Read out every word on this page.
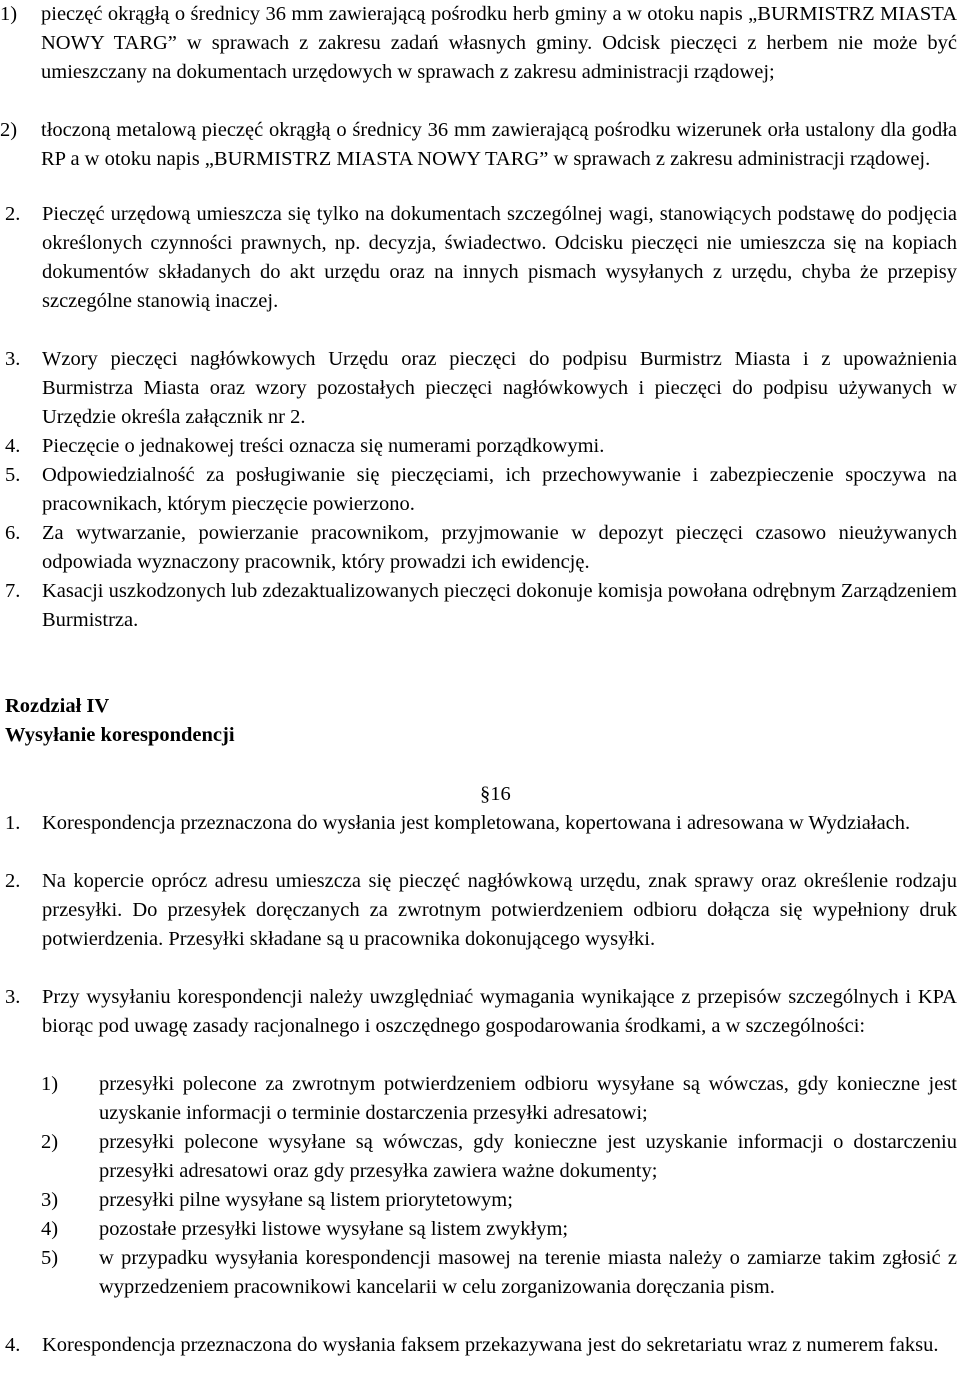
1)	pieczęć okrągłą o średnicy 36 mm zawierającą pośrodku herb gminy a w otoku napis „BURMISTRZ MIASTA NOWY TARG” w sprawach z zakresu zadań własnych gminy. Odcisk pieczęci z herbem nie może być umieszczany na dokumentach urzędowych w sprawach z zakresu administracji rządowej;
2)	tłoczoną metalową pieczęć okrągłą o średnicy 36 mm zawierającą pośrodku wizerunek orła ustalony dla godła RP a w otoku napis „BURMISTRZ MIASTA NOWY TARG” w sprawach z zakresu administracji rządowej.
2.	Pieczęć urzędową umieszcza się tylko na dokumentach szczególnej wagi, stanowiących podstawę do podjęcia określonych czynności prawnych, np. decyzja, świadectwo. Odcisku pieczęci nie umieszcza się na kopiach dokumentów składanych do akt urzędu oraz na innych pismach wysyłanych z urzędu, chyba że przepisy szczególne stanowią inaczej.
3.	Wzory pieczęci nagłówkowych Urzędu oraz pieczęci do podpisu Burmistrz Miasta i z upoważnienia Burmistrza Miasta oraz wzory pozostałych pieczęci nagłówkowych i pieczęci do podpisu używanych w Urzędzie określa załącznik nr 2.
4.	Pieczęcie o jednakowej treści oznacza się numerami porządkowymi.
5.	Odpowiedzialność za posługiwanie się pieczęciami, ich przechowywanie i zabezpieczenie spoczywa na pracownikach, którym pieczęcie powierzono.
6.	Za wytwarzanie, powierzanie pracownikom, przyjmowanie w depozyt pieczęci czasowo nieużywanych odpowiada wyznaczony pracownik, który prowadzi ich ewidencję.
7.	Kasacji uszkodzonych lub zdezaktualizowanych pieczęci dokonuje komisja powołana odrębnym Zarządzeniem Burmistrza.
Rozdział IV
Wysyłanie korespondencji
§16
1.	Korespondencja przeznaczona do wysłania jest kompletowana, kopertowana i adresowana w Wydziałach.
2.	Na kopercie oprócz adresu umieszcza się pieczęć nagłówkową urzędu, znak sprawy oraz określenie rodzaju przesyłki. Do przesyłek doręczanych za zwrotnym potwierdzeniem odbioru dołącza się wypełniony druk potwierdzenia. Przesyłki składane są u pracownika dokonującego wysyłki.
3.	Przy wysyłaniu korespondencji należy uwzględniać wymagania wynikające z przepisów szczególnych i KPA biorąc pod uwagę zasady racjonalnego i oszczędnego gospodarowania środkami, a w szczególności:
1)	przesyłki polecone za zwrotnym potwierdzeniem odbioru wysyłane są wówczas, gdy konieczne jest uzyskanie informacji o terminie dostarczenia przesyłki adresatowi;
2)	przesyłki polecone wysyłane są wówczas, gdy konieczne jest uzyskanie informacji o dostarczeniu przesyłki adresatowi oraz gdy przesyłka zawiera ważne dokumenty;
3)	przesyłki pilne wysyłane są listem priorytetowym;
4)	pozostałe przesyłki listowe wysyłane są listem zwykłym;
5)	w przypadku wysyłania korespondencji masowej na terenie miasta należy o zamiarze takim zgłosić z wyprzedzeniem pracownikowi kancelarii w celu zorganizowania doręczania pism.
4.	Korespondencja przeznaczona do wysłania faksem przekazywana jest do sekretariatu wraz z numerem faksu.
